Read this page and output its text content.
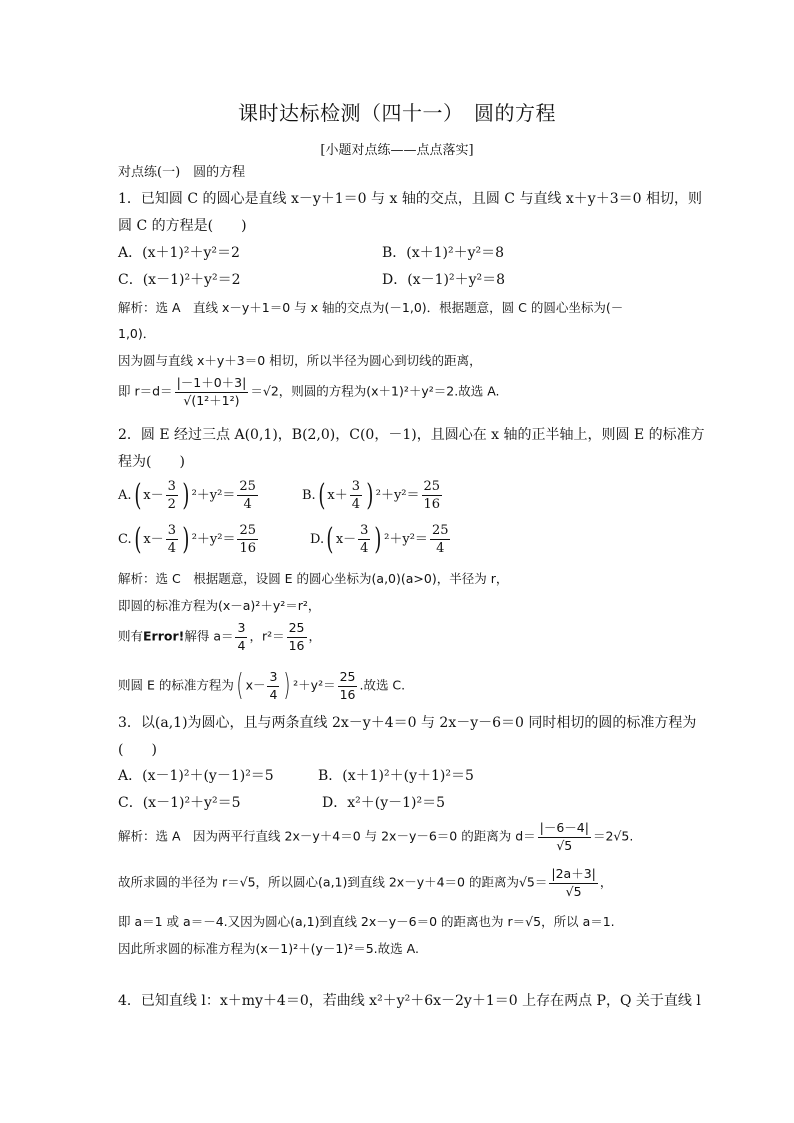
课时达标检测（四十一）　圆的方程
[小题对点练——点点落实]
对点练(一)　圆的方程
1．已知圆 C 的圆心是直线 x－y＋1＝0 与 x 轴的交点，且圆 C 与直线 x＋y＋3＝0 相切，则
圆 C 的方程是(　　)
A．(x＋1)²＋y²＝2	B．(x＋1)²＋y²＝8
C．(x－1)²＋y²＝2	D．(x－1)²＋y²＝8
解析：选 A　直线 x－y＋1＝0 与 x 轴的交点为(－1,0)．根据题意，圆 C 的圆心坐标为(－
1,0)．
因为圆与直线 x＋y＋3＝0 相切，所以半径为圆心到切线的距离，
即 $r=d= \frac{|-1+0+3|}{\text{√(1²＋1²)}} =√2$，则圆的方程为(x＋1)²＋y²＝2.故选 A.
2．圆 E 经过三点 A(0,1)，B(2,0)，C(0，－1)，且圆心在 x 轴的正半轴上，则圆 E 的标准方
程为(　　)
A.( $x- \frac{3}{2}$ ) $^2+y^2= \frac{25}{4}$	B.( $x+ \frac{3}{4}$ ) $^2+y^2= \frac{25}{16}$
C.( $x- \frac{3}{4}$ ) $^2+y^2= \frac{25}{16}$	D.( $x- \frac{3}{4}$ ) $^2+y^2= \frac{25}{4}$
解析：选 C　根据题意，设圆 E 的圆心坐标为(a,0)(a>0)，半径为 r，
即圆的标准方程为(x－a)²＋y²＝r²，
则有Error!解得 $a= \frac{3}{4}$ ，$r^2= \frac{25}{16}$ ，
则圆 E 的标准方程为( $x- \frac{3}{4}$ ) $^2+y^2= \frac{25}{16}$ .故选 C.
3．以(a,1)为圆心，且与两条直线 2x－y＋4＝0 与 2x－y－6＝0 同时相切的圆的标准方程为
(　　)
A．(x－1)²＋(y－1)²＝5	B．(x＋1)²＋(y＋1)²＝5
C．(x－1)²＋y²＝5	D．x²＋(y－1)²＝5
解析：选 A　因为两平行直线 2x－y＋4＝0 与 2x－y－6＝0 的距离为 $d= \frac{|-6-4|}{√5} =2√5$.
故所求圆的半径为 r＝√5，所以圆心(a,1)到直线 2x－y＋4＝0 的距离为$√5= \frac{|2a+3|}{√5}$ ，
即 a＝1 或 a＝－4.又因为圆心(a,1)到直线 2x－y－6＝0 的距离也为 r＝√5，所以 a＝1.
因此所求圆的标准方程为(x－1)²＋(y－1)²＝5.故选 A.
4．已知直线 l：x＋my＋4＝0，若曲线 x²＋y²＋6x－2y＋1＝0 上存在两点 P，Q 关于直线 l
